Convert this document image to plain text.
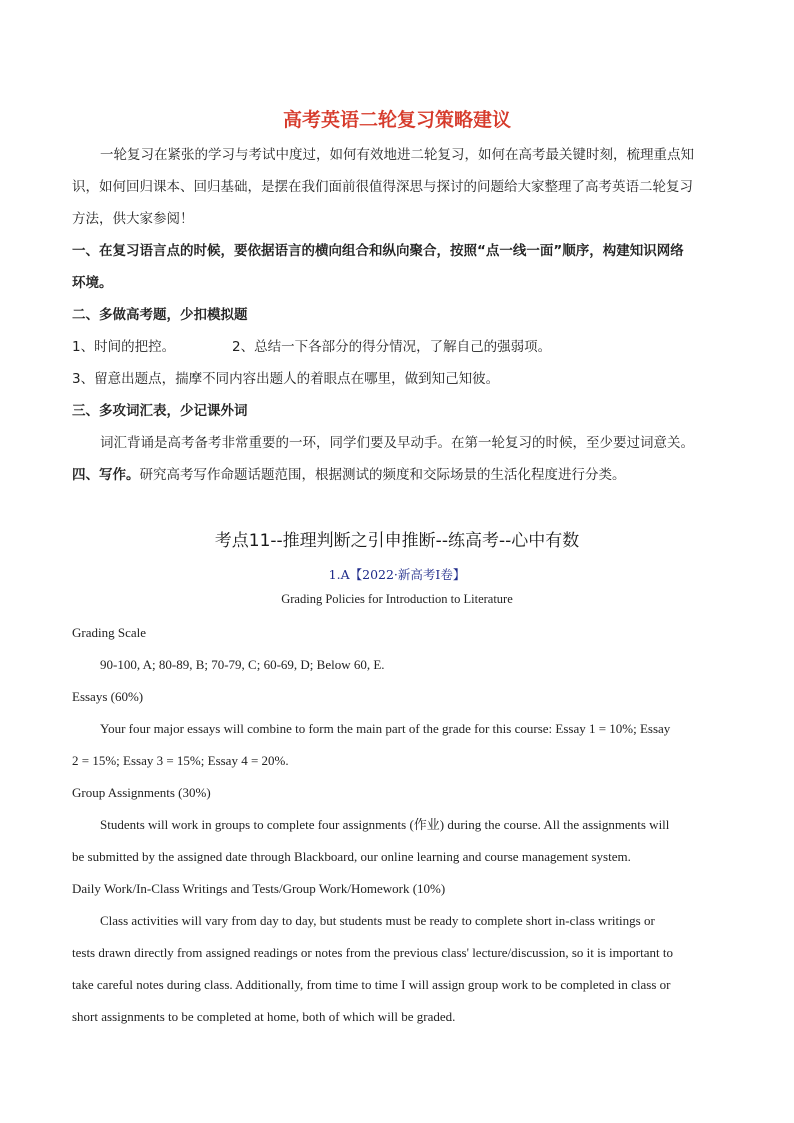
高考英语二轮复习策略建议
一轮复习在紧张的学习与考试中度过，如何有效地进二轮复习，如何在高考最关键时刻，梳理重点知
识，如何回归课本、回归基础，是摆在我们面前很值得深思与探讨的问题给大家整理了高考英语二轮复习
方法，供大家参阅！
一、在复习语言点的时候，要依据语言的横向组合和纵向聚合，按照“点一线一面”顺序，构建知识网络
环境。
二、多做高考题，少扣模拟题
1、时间的把控。	2、总结一下各部分的得分情况，了解自己的强弱项。
3、留意出题点，揣摩不同内容出题人的着眼点在哪里，做到知己知彼。
三、多攻词汇表，少记课外词
词汇背诵是高考备考非常重要的一环，同学们要及早动手。在第一轮复习的时候，至少要过词意关。
四、写作。研究高考写作命题话题范围，根据测试的频度和交际场景的生活化程度进行分类。
考点11--推理判断之引申推断--练高考--心中有数
1.A【2022·新高考I卷】
Grading Policies for Introduction to Literature
Grading Scale
90-100, A; 80-89, B; 70-79, C; 60-69, D; Below 60, E.
Essays (60%)
Your four major essays will combine to form the main part of the grade for this course: Essay 1 = 10%; Essay
2 = 15%; Essay 3 = 15%; Essay 4 = 20%.
Group Assignments (30%)
Students will work in groups to complete four assignments (作业) during the course. All the assignments will
be submitted by the assigned date through Blackboard, our online learning and course management system.
Daily Work/In-Class Writings and Tests/Group Work/Homework (10%)
Class activities will vary from day to day, but students must be ready to complete short in-class writings or
tests drawn directly from assigned readings or notes from the previous class' lecture/discussion, so it is important to
take careful notes during class. Additionally, from time to time I will assign group work to be completed in class or
short assignments to be completed at home, both of which will be graded.
